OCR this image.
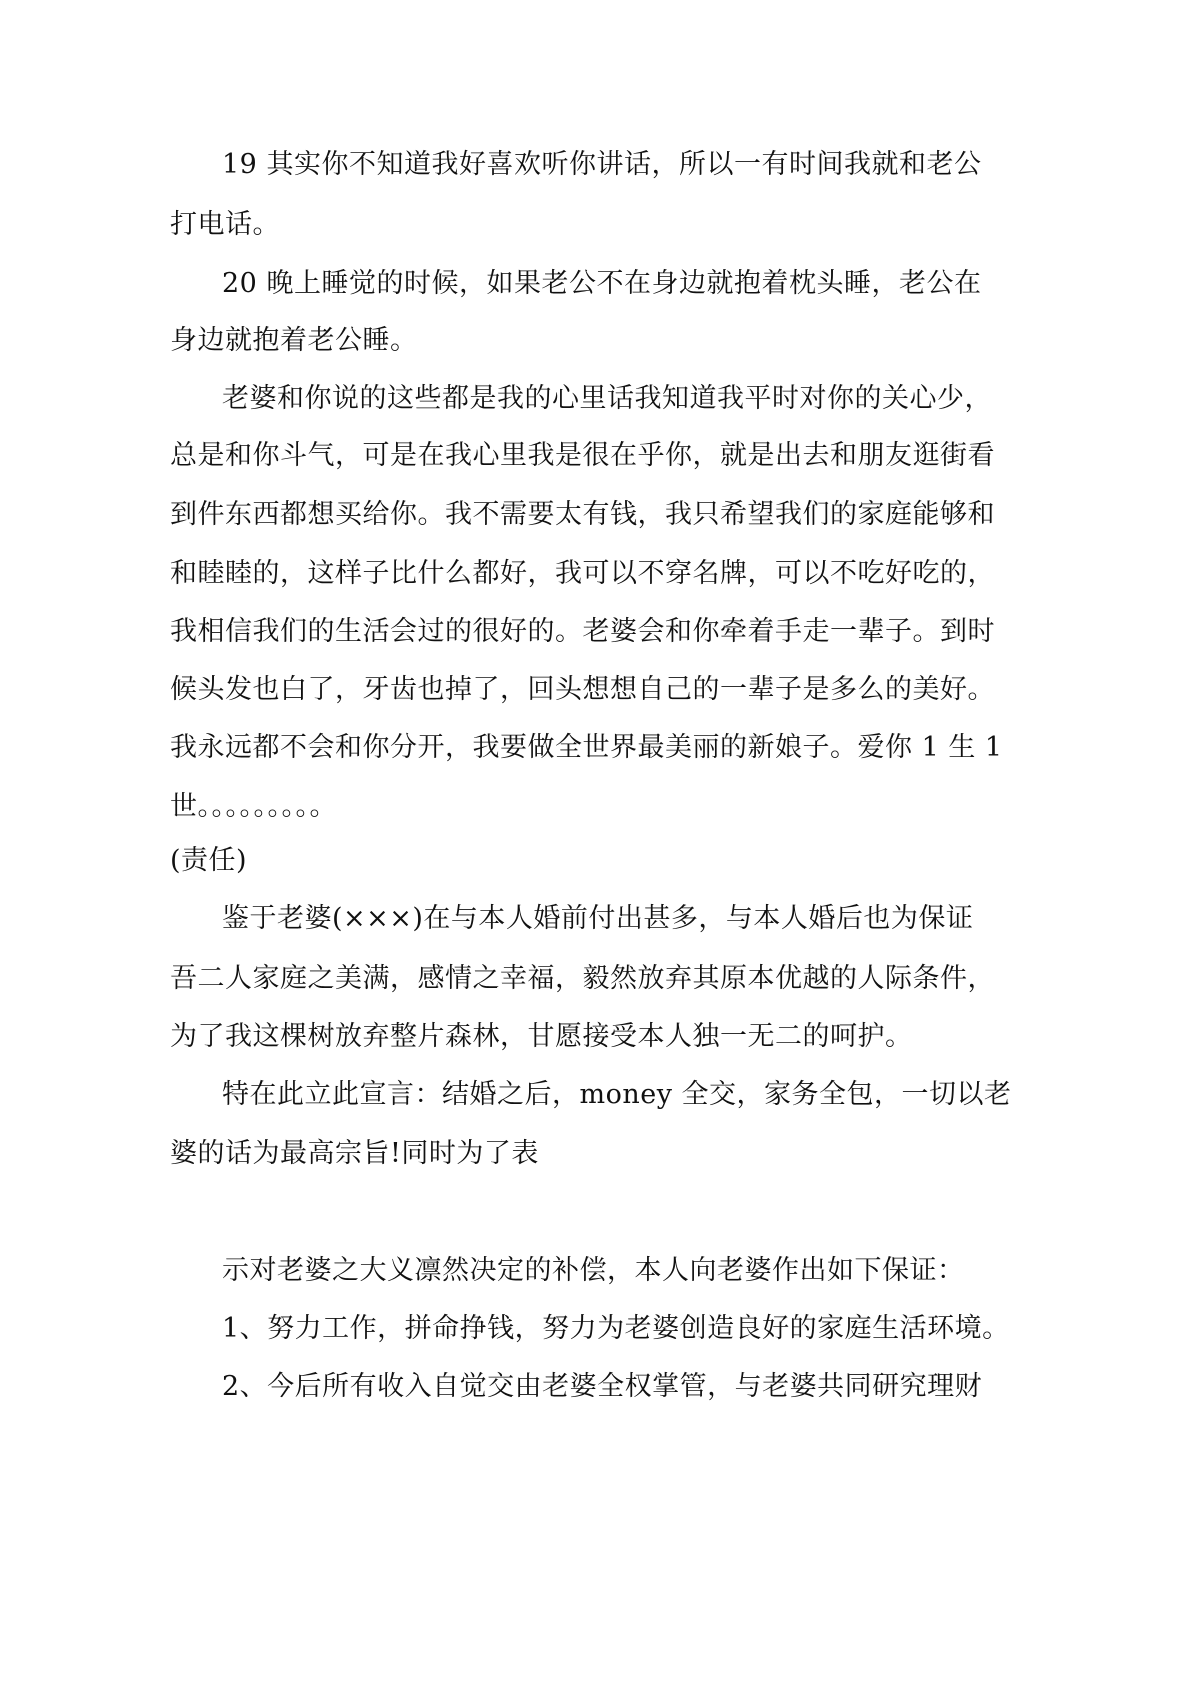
19 其实你不知道我好喜欢听你讲话，所以一有时间我就和老公
打电话。
20 晚上睡觉的时候，如果老公不在身边就抱着枕头睡，老公在
身边就抱着老公睡。
老婆和你说的这些都是我的心里话我知道我平时对你的关心少，
总是和你斗气，可是在我心里我是很在乎你，就是出去和朋友逛街看
到件东西都想买给你。我不需要太有钱，我只希望我们的家庭能够和
和睦睦的，这样子比什么都好，我可以不穿名牌，可以不吃好吃的，
我相信我们的生活会过的很好的。老婆会和你牵着手走一辈子。到时
候头发也白了，牙齿也掉了，回头想想自己的一辈子是多么的美好。
我永远都不会和你分开，我要做全世界最美丽的新娘子。爱你 1 生 1
世。。。。。。。。。
(责任)
鉴于老婆(×××)在与本人婚前付出甚多，与本人婚后也为保证
吾二人家庭之美满，感情之幸福，毅然放弃其原本优越的人际条件，
为了我这棵树放弃整片森林，甘愿接受本人独一无二的呵护。
特在此立此宣言：结婚之后，money 全交，家务全包，一切以老
婆的话为最高宗旨!同时为了表
示对老婆之大义凛然决定的补偿，本人向老婆作出如下保证：
1、努力工作，拼命挣钱，努力为老婆创造良好的家庭生活环境。
2、今后所有收入自觉交由老婆全权掌管，与老婆共同研究理财
